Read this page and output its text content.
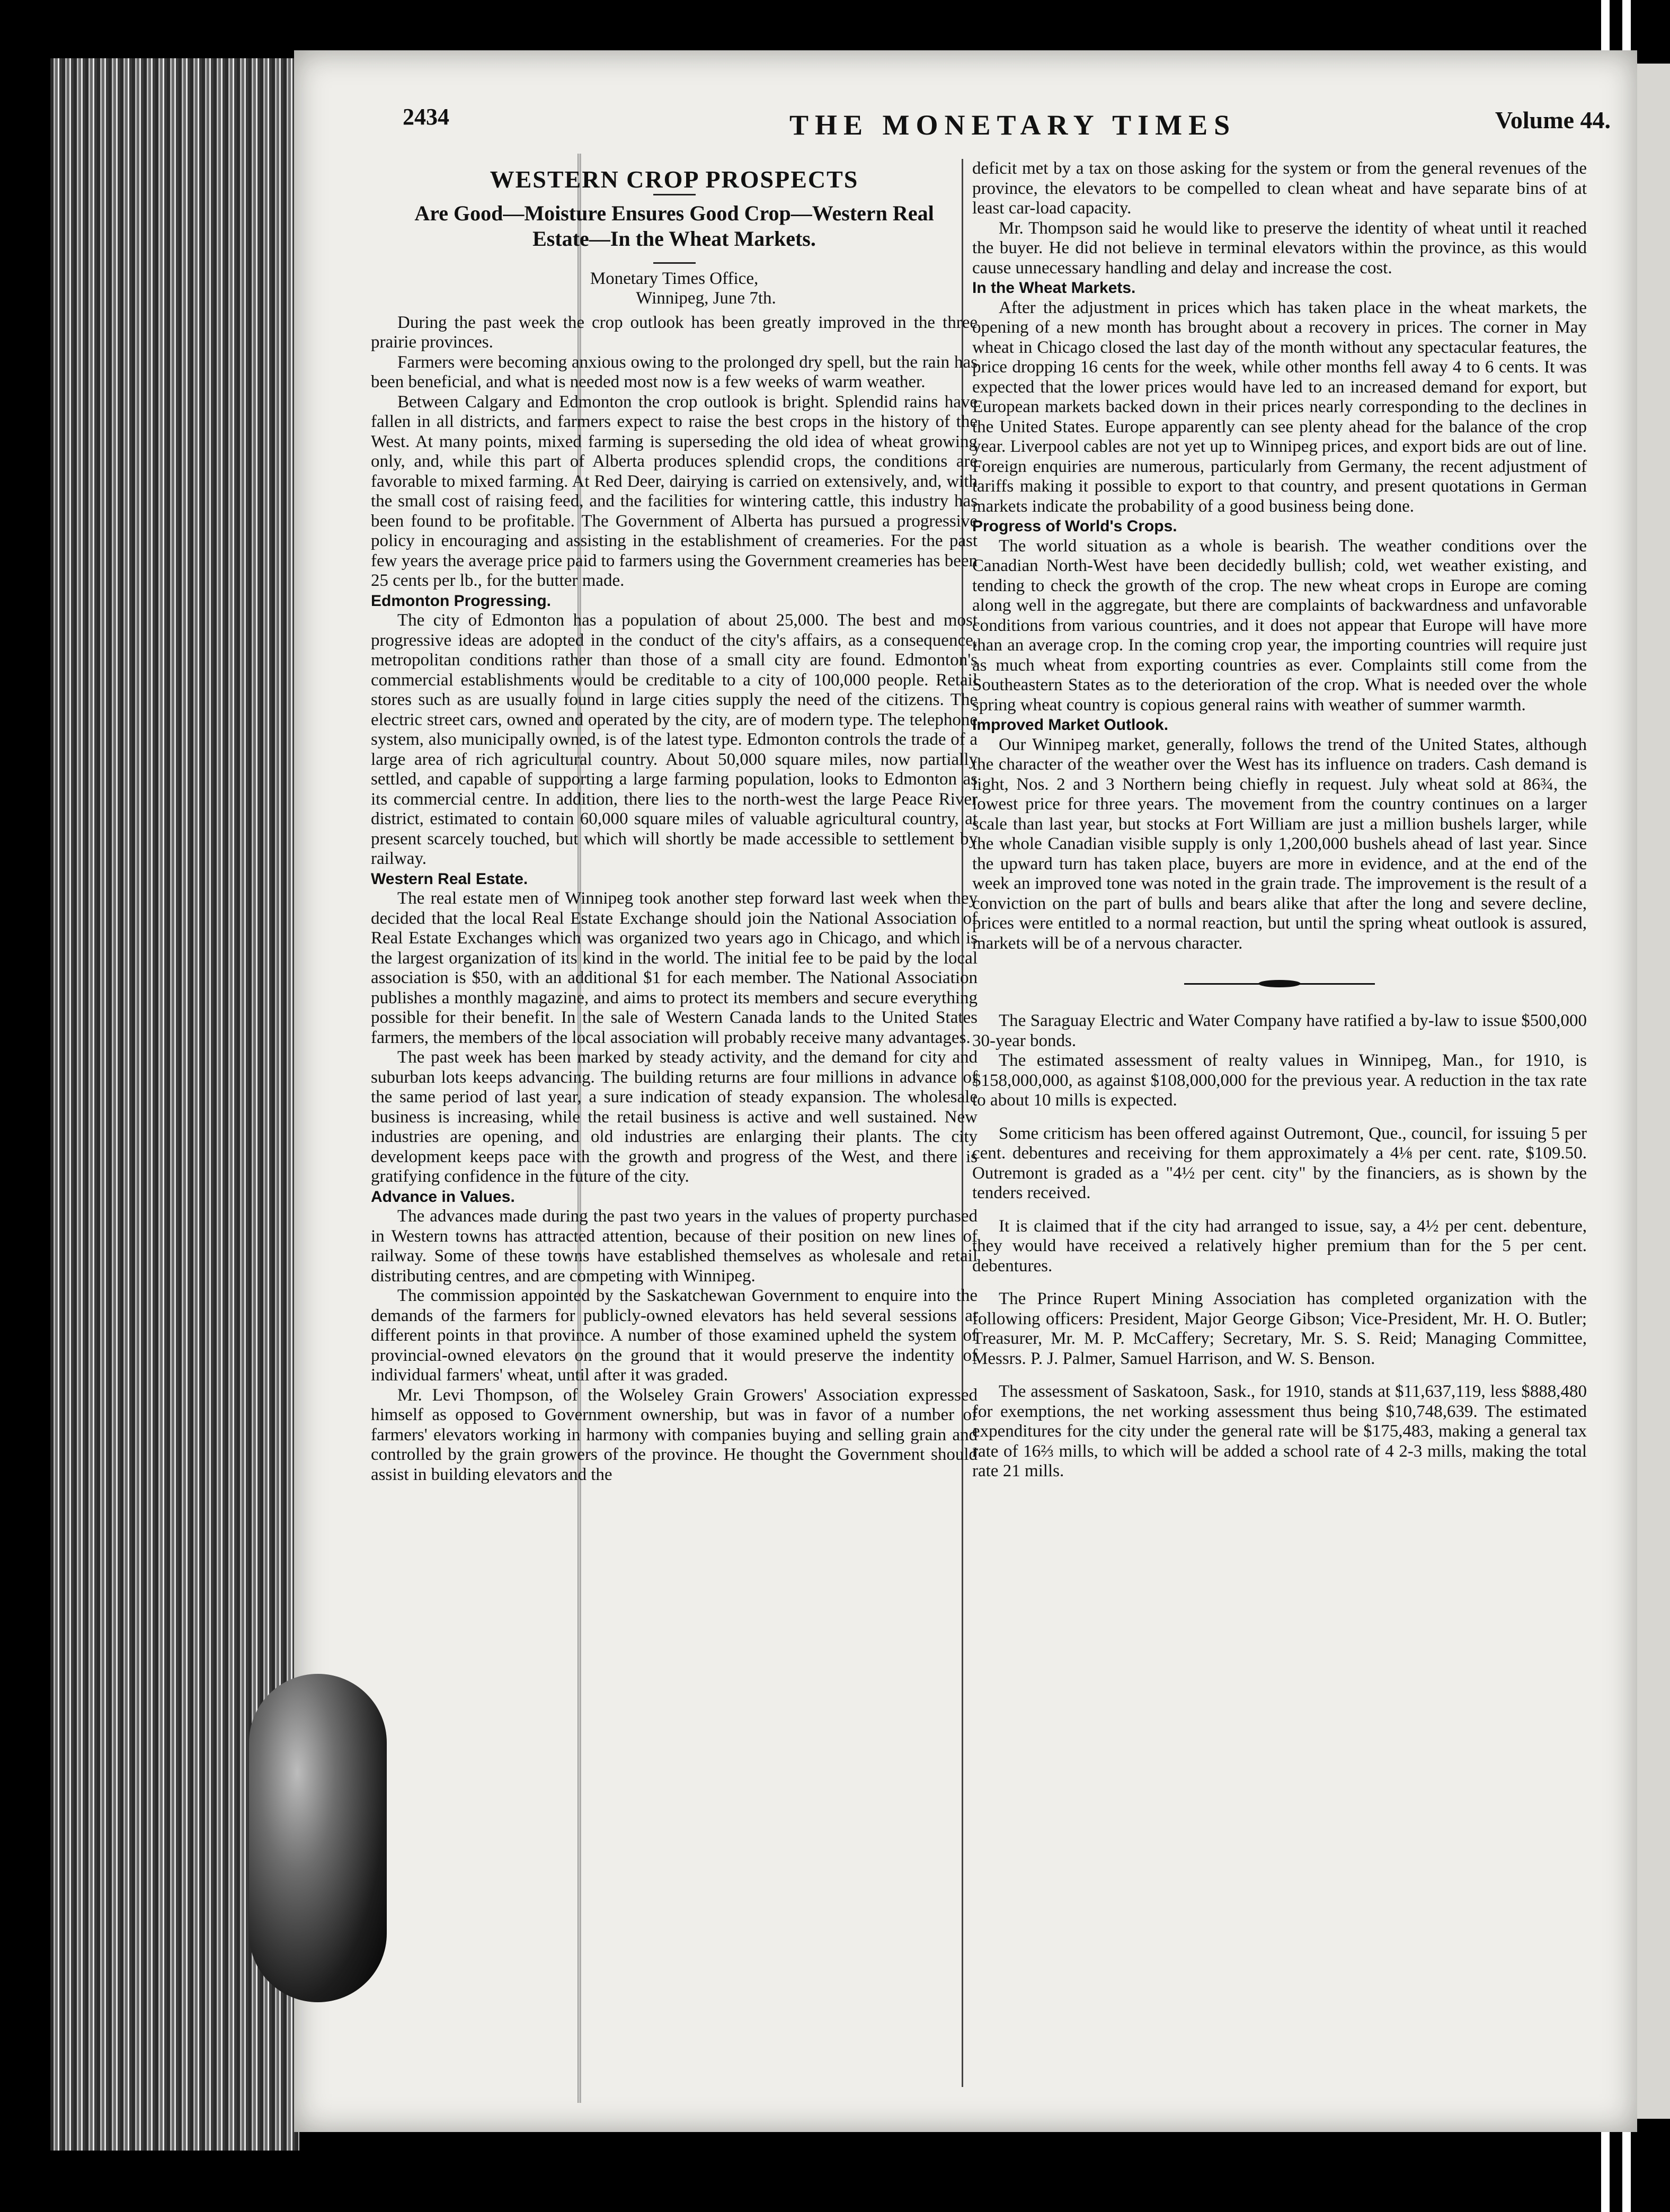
2434	THE MONETARY TIMES	Volume 44.

WESTERN CROP PROSPECTS

Are Good—Moisture Ensures Good Crop—Western Real Estate—In the Wheat Markets.
Monetary Times Office,
Winnipeg, June 7th.

During the past week the crop outlook has been greatly improved in the three prairie provinces.

Farmers were becoming anxious owing to the prolonged dry spell, but the rain has been beneficial, and what is needed most now is a few weeks of warm weather.

Between Calgary and Edmonton the crop outlook is bright. Splendid rains have fallen in all districts, and farmers expect to raise the best crops in the history of the West. At many points, mixed farming is superseding the old idea of wheat growing only, and, while this part of Alberta produces splendid crops, the conditions are favorable to mixed farming. At Red Deer, dairying is carried on extensively, and, with the small cost of raising feed, and the facilities for wintering cattle, this industry has been found to be profitable. The Government of Alberta has pursued a progressive policy in encouraging and assisting in the establishment of creameries. For the past few years the average price paid to farmers using the Government creameries has been 25 cents per lb., for the butter made.

Edmonton Progressing.

The city of Edmonton has a population of about 25,000. The best and most progressive ideas are adopted in the conduct of the city's affairs, as a consequence, metropolitan conditions rather than those of a small city are found. Edmonton's commercial establishments would be creditable to a city of 100,000 people. Retail stores such as are usually found in large cities supply the need of the citizens. The electric street cars, owned and operated by the city, are of modern type. The telephone system, also municipally owned, is of the latest type. Edmonton controls the trade of a large area of rich agricultural country. About 50,000 square miles, now partially settled, and capable of supporting a large farming population, looks to Edmonton as its commercial centre. In addition, there lies to the north-west the large Peace River district, estimated to contain 60,000 square miles of valuable agricultural country, at present scarcely touched, but which will shortly be made accessible to settlement by railway.

Western Real Estate.

The real estate men of Winnipeg took another step forward last week when they decided that the local Real Estate Exchange should join the National Association of Real Estate Exchanges which was organized two years ago in Chicago, and which is the largest organization of its kind in the world. The initial fee to be paid by the local association is $50, with an additional $1 for each member. The National Association publishes a monthly magazine, and aims to protect its members and secure everything possible for their benefit. In the sale of Western Canada lands to the United States farmers, the members of the local association will probably receive many advantages.

The past week has been marked by steady activity, and the demand for city and suburban lots keeps advancing. The building returns are four millions in advance of the same period of last year, a sure indication of steady expansion. The wholesale business is increasing, while the retail business is active and well sustained. New industries are opening, and old industries are enlarging their plants. The city development keeps pace with the growth and progress of the West, and there is gratifying confidence in the future of the city.

Advance in Values.

The advances made during the past two years in the values of property purchased in Western towns has attracted attention, because of their position on new lines of railway. Some of these towns have established themselves as wholesale and retail distributing centres, and are competing with Winnipeg.

The commission appointed by the Saskatchewan Government to enquire into the demands of the farmers for publicly-owned elevators has held several sessions at different points in that province. A number of those examined upheld the system of provincial-owned elevators on the ground that it would preserve the indentity of individual farmers' wheat, until after it was graded.

Mr. Levi Thompson, of the Wolseley Grain Growers' Association expressed himself as opposed to Government ownership, but was in favor of a number of farmers' elevators working in harmony with companies buying and selling grain and controlled by the grain growers of the province. He thought the Government should assist in building elevators and the

deficit met by a tax on those asking for the system or from the general revenues of the province, the elevators to be compelled to clean wheat and have separate bins of at least car-load capacity.

Mr. Thompson said he would like to preserve the identity of wheat until it reached the buyer. He did not believe in terminal elevators within the province, as this would cause unnecessary handling and delay and increase the cost.

In the Wheat Markets.

After the adjustment in prices which has taken place in the wheat markets, the opening of a new month has brought about a recovery in prices. The corner in May wheat in Chicago closed the last day of the month without any spectacular features, the price dropping 16 cents for the week, while other months fell away 4 to 6 cents. It was expected that the lower prices would have led to an increased demand for export, but European markets backed down in their prices nearly corresponding to the declines in the United States. Europe apparently can see plenty ahead for the balance of the crop year. Liverpool cables are not yet up to Winnipeg prices, and export bids are out of line. Foreign enquiries are numerous, particularly from Germany, the recent adjustment of tariffs making it possible to export to that country, and present quotations in German markets indicate the probability of a good business being done.

Progress of World's Crops.

The world situation as a whole is bearish. The weather conditions over the Canadian North-West have been decidedly bullish; cold, wet weather existing, and tending to check the growth of the crop. The new wheat crops in Europe are coming along well in the aggregate, but there are complaints of backwardness and unfavorable conditions from various countries, and it does not appear that Europe will have more than an average crop. In the coming crop year, the importing countries will require just as much wheat from exporting countries as ever. Complaints still come from the Southeastern States as to the deterioration of the crop. What is needed over the whole spring wheat country is copious general rains with weather of summer warmth.

Improved Market Outlook.

Our Winnipeg market, generally, follows the trend of the United States, although the character of the weather over the West has its influence on traders. Cash demand is light, Nos. 2 and 3 Northern being chiefly in request. July wheat sold at 86¾, the lowest price for three years. The movement from the country continues on a larger scale than last year, but stocks at Fort William are just a million bushels larger, while the whole Canadian visible supply is only 1,200,000 bushels ahead of last year. Since the upward turn has taken place, buyers are more in evidence, and at the end of the week an improved tone was noted in the grain trade. The improvement is the result of a conviction on the part of bulls and bears alike that after the long and severe decline, prices were entitled to a normal reaction, but until the spring wheat outlook is assured, markets will be of a nervous character.

The Saraguay Electric and Water Company have ratified a by-law to issue $500,000 30-year bonds.

The estimated assessment of realty values in Winnipeg, Man., for 1910, is $158,000,000, as against $108,000,000 for the previous year. A reduction in the tax rate to about 10 mills is expected.

Some criticism has been offered against Outremont, Que., council, for issuing 5 per cent. debentures and receiving for them approximately a 4⅛ per cent. rate, $109.50. Outremont is graded as a "4½ per cent. city" by the financiers, as is shown by the tenders received.

It is claimed that if the city had arranged to issue, say, a 4½ per cent. debenture, they would have received a relatively higher premium than for the 5 per cent. debentures.

The Prince Rupert Mining Association has completed organization with the following officers: President, Major George Gibson; Vice-President, Mr. H. O. Butler; Treasurer, Mr. M. P. McCaffery; Secretary, Mr. S. S. Reid; Managing Committee, Messrs. P. J. Palmer, Samuel Harrison, and W. S. Benson.

The assessment of Saskatoon, Sask., for 1910, stands at $11,637,119, less $888,480 for exemptions, the net working assessment thus being $10,748,639. The estimated expenditures for the city under the general rate will be $175,483, making a general tax rate of 16⅔ mills, to which will be added a school rate of 4 2-3 mills, making the total rate 21 mills.
